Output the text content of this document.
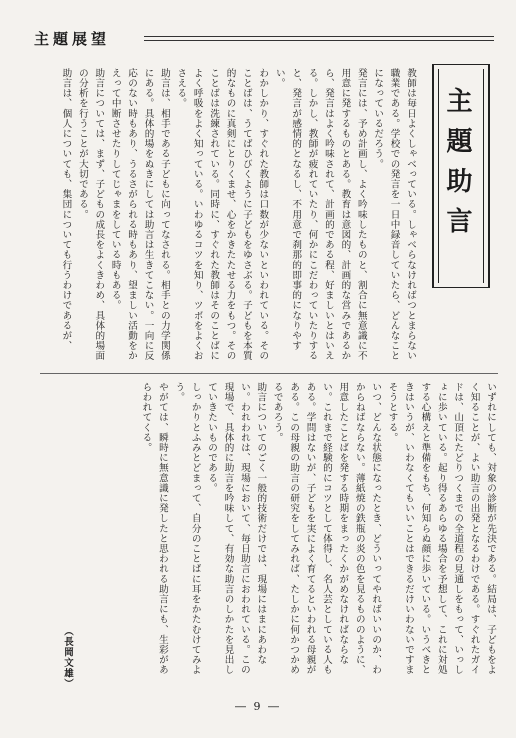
主題展望
主題助言

教師は毎日よくしゃべっている。しゃべらなければつとまらない職業である。学校での発言を一日中録音していたら、どんなことになっているだろう。

発言には、予め計画し、よく吟味したものと、割合に無意識に不用意に発するものとある。教育は意図的、計画的な営みであるから、発言はよく吟味されて、計画的である程、好ましいとはいえる。しかし、教師が疲れていたり、何かにこだわっていたりすると、発言が感情的となるし、不用意で刹那的即事的になりやすい。

わかしかり、すぐれた教師は口数が少ないといわれている。そのことばは、うてばひびくように子どもをゆさぶる。子どもを本質的なものに真剣にとりくませ、心をかきたたせる力をもつ。そのことばは洗練されている。同時に、すぐれた教師はそのことばによく呼吸をよく知っている。いわゆるコツを知り、ツボをよくおさえる。

助言は、相手である子どもに向ってなされる。相手との力学関係にある。具体的場をぬきにしては助言は生きてこない。一向に反応のない時もあり、うるさがられる時もあり、望ましい活動をかえって中断させたりしてじゃまをしている時もある。

助言については、まず、子どもの成長をよくきわめ、具体的場面の分析を行うことが大切である。

助言は、個人についても、集団についても行うわけであるが、

いずれにしても、対象の診断が先決である。結局は、子どもをよく知ることが、よい助言の出発となるわけである。すぐれたガイドは、山頂にたどりつくまでの全道程の見通しをもって、いっしょに歩いている。起り得るあらゆる場合を予想して、これに対処する心構えと準備をもち、何知らぬ顔に歩いている。いうべきときはいうが、いわなくてもいいことはできるだけいわないですまそうとする。

いつ、どんな状態になったとき、どういってやればいいのか、わからねばならない。薄紙焼の鉄瓶の炎の色を見るもののように、用意したことばを発する時期をまったくかがめなければならない。これまで経験的にコツとして体得し、名人芸としている人もある。学問はないが、子どもを実によく育てるといわれる母親がある。この母親の助言の研究をしてみれば、たしかに何かつかめるであろう。

助言についてのごく一般的技術だけでは、現場にはまにあわない。われわれは、現場において、毎日助言におわれている。この現場で、具体的に助言を吟味して、有効な助言のしかたを見出していきたいものである。

しっかりとふみとどまって、自分のことばに耳をかたむけてみよう。

やがては、瞬時に無意識に発したと思われる助言にも、生彩があらわれてくる。

（長岡文雄）
― 9 ―
